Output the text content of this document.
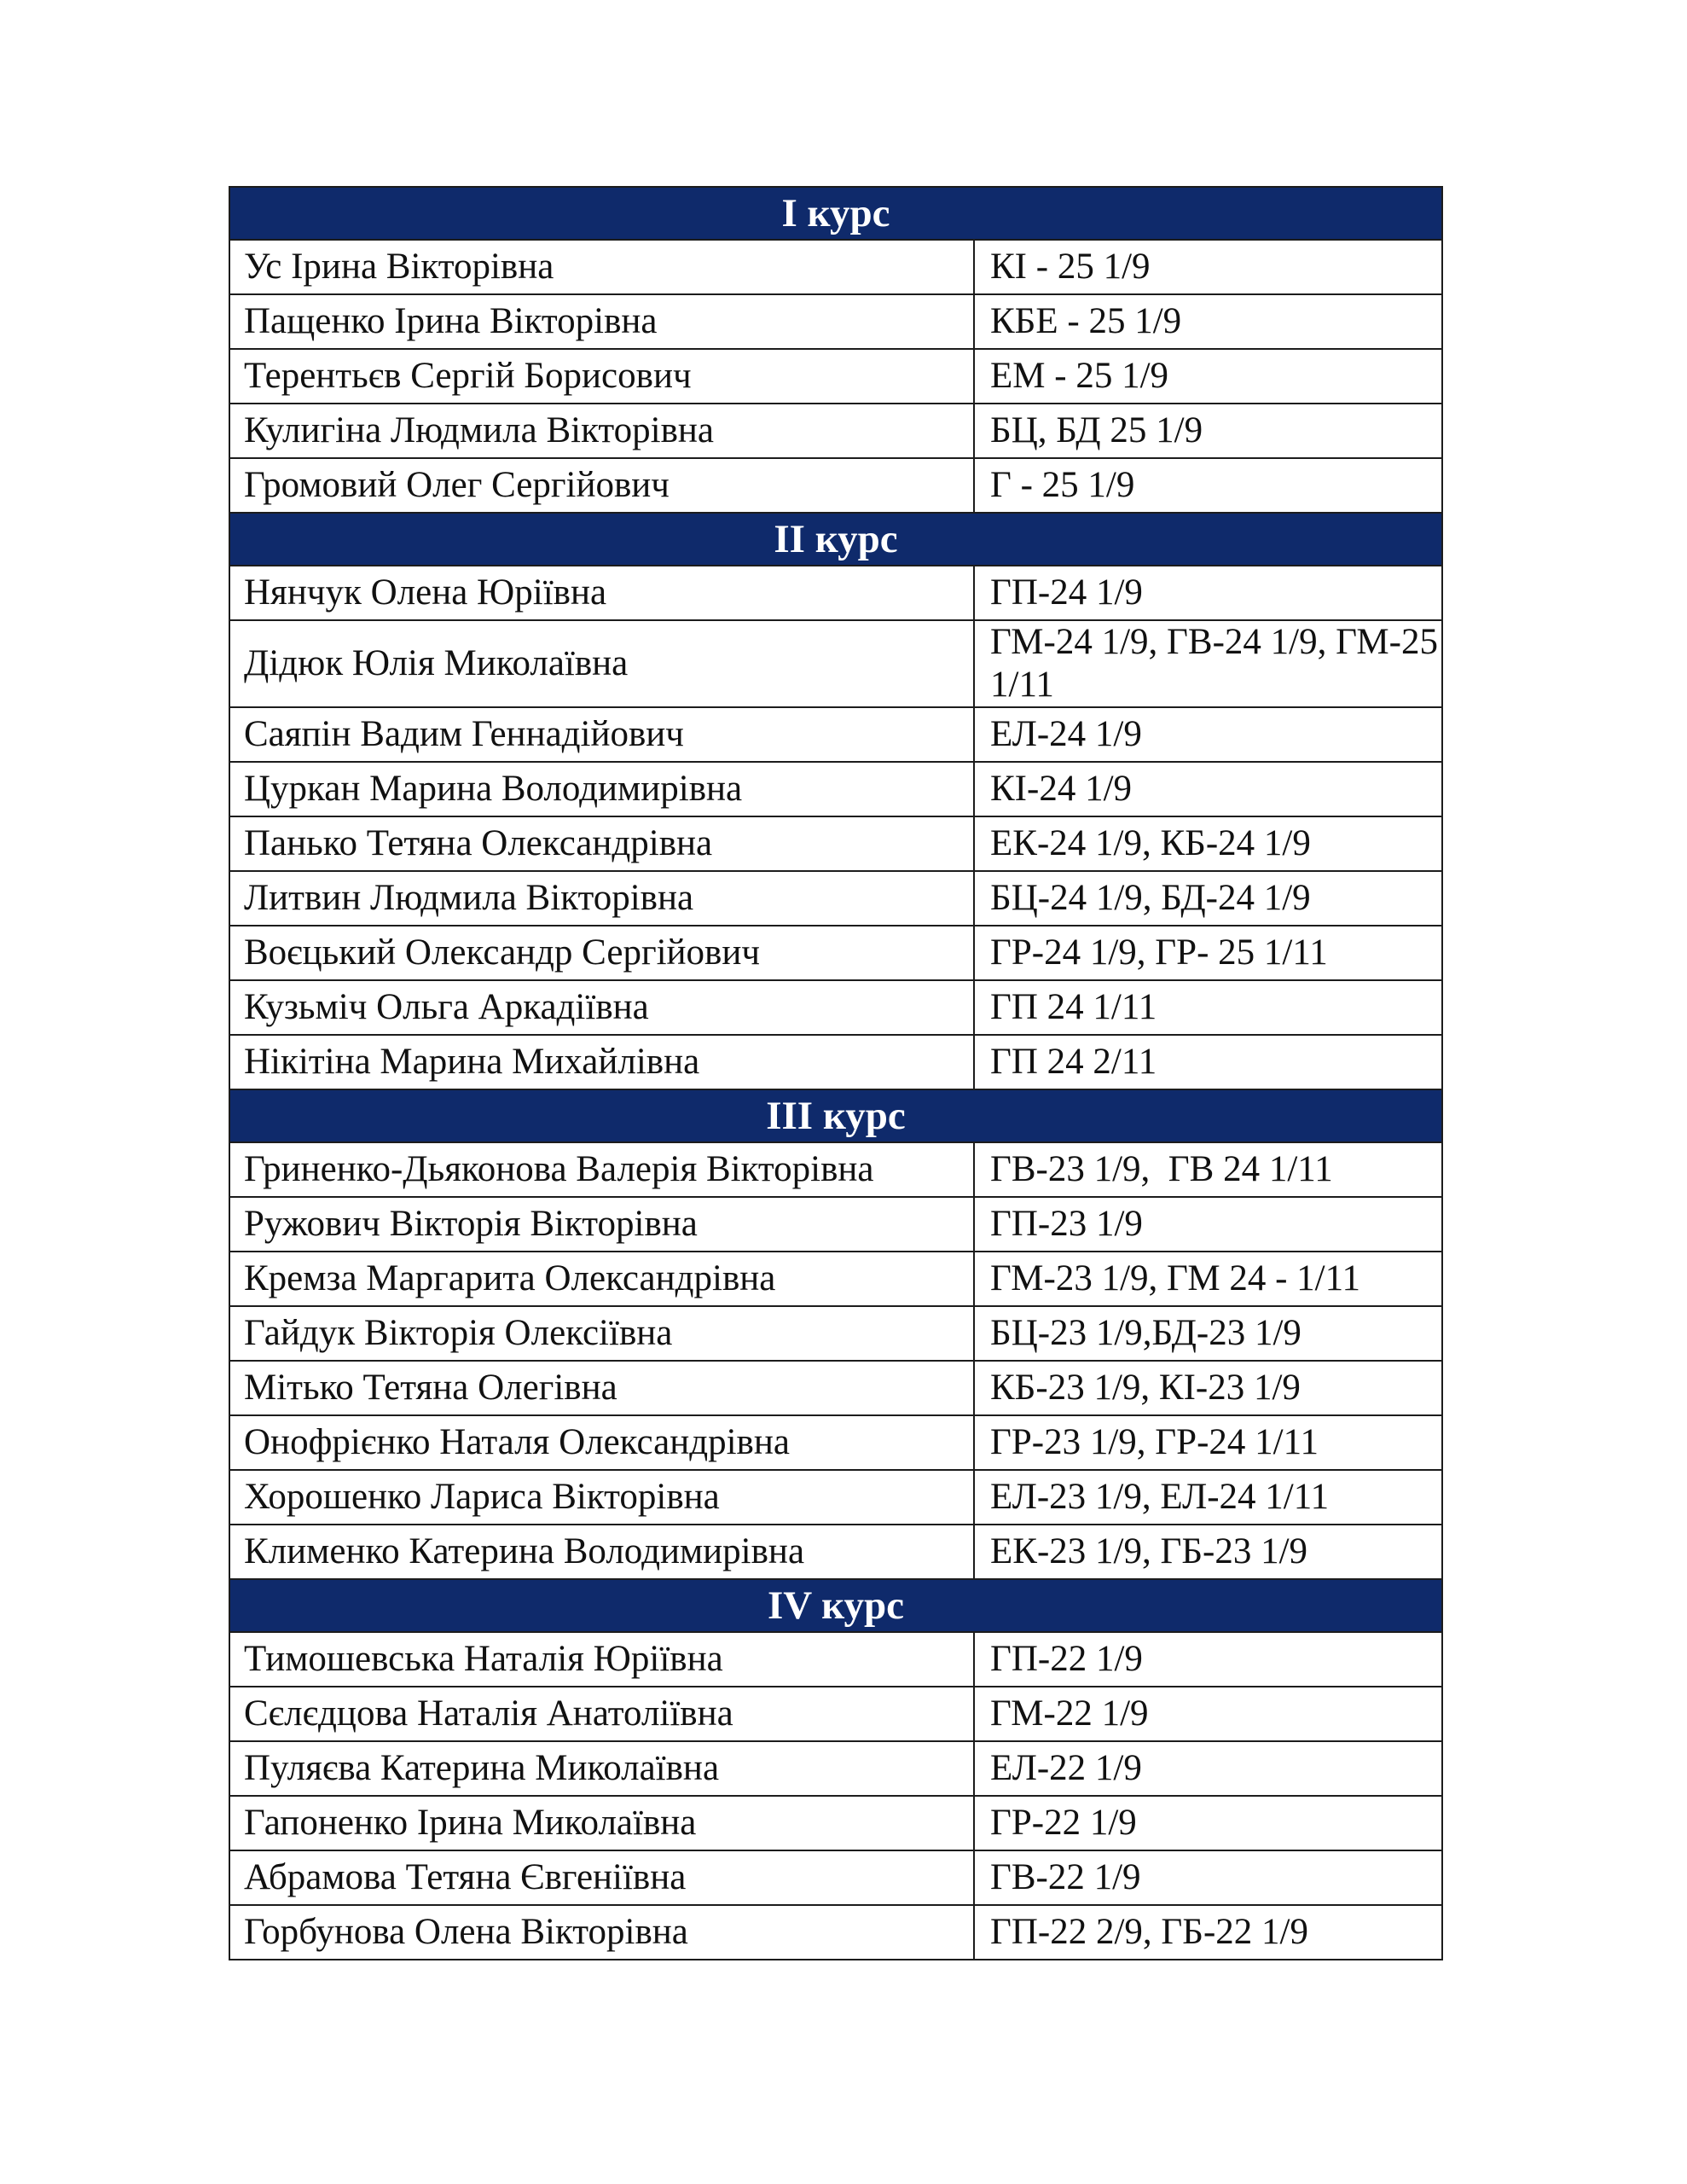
I курс	
Ус Ірина Вікторівна	КІ - 25 1/9
Пащенко Ірина Вікторівна	КБЕ - 25 1/9
Терентьєв Сергій Борисович	ЕМ - 25 1/9
Кулигіна Людмила Вікторівна	БЦ, БД 25 1/9
Громовий Олег Сергійович	Г - 25 1/9
ІІ курс	
Нянчук Олена Юріївна	ГП-24 1/9
Дідюк Юлія Миколаївна	ГМ-24 1/9, ГВ-24 1/9, ГМ-25 1/11
Саяпін Вадим Геннадійович	ЕЛ-24 1/9
Цуркан Марина Володимирівна	КІ-24 1/9
Панько Тетяна Олександрівна	ЕК-24 1/9, КБ-24 1/9
Литвин Людмила Вікторівна	БЦ-24 1/9, БД-24 1/9
Воєцький Олександр Сергійович	ГР-24 1/9, ГР- 25 1/11
Кузьміч Ольга Аркадіївна	ГП 24 1/11
Нікітіна Марина Михайлівна	ГП 24 2/11
ІІІ курс	
Гриненко-Дьяконова Валерія Вікторівна	ГВ-23 1/9,  ГВ 24 1/11
Ружович Вікторія Вікторівна	ГП-23 1/9
Кремза Маргарита Олександрівна	ГМ-23 1/9, ГМ 24 - 1/11
Гайдук Вікторія Олексіївна	БЦ-23 1/9,БД-23 1/9
Мітько Тетяна Олегівна	КБ-23 1/9, КІ-23 1/9
Онофрієнко Наталя Олександрівна	ГР-23 1/9, ГР-24 1/11
Хорошенко Лариса Вікторівна	ЕЛ-23 1/9, ЕЛ-24 1/11
Клименко Катерина Володимирівна	ЕК-23 1/9, ГБ-23 1/9
IV курс	
Тимошевська Наталія Юріївна	ГП-22 1/9
Сєлєдцова Наталія Анатоліївна	ГМ-22 1/9
Пуляєва Катерина Миколаївна	ЕЛ-22 1/9
Гапоненко Ірина Миколаївна	ГР-22 1/9
Абрамова Тетяна Євгеніївна	ГВ-22 1/9
Горбунова Олена Вікторівна	ГП-22 2/9, ГБ-22 1/9
